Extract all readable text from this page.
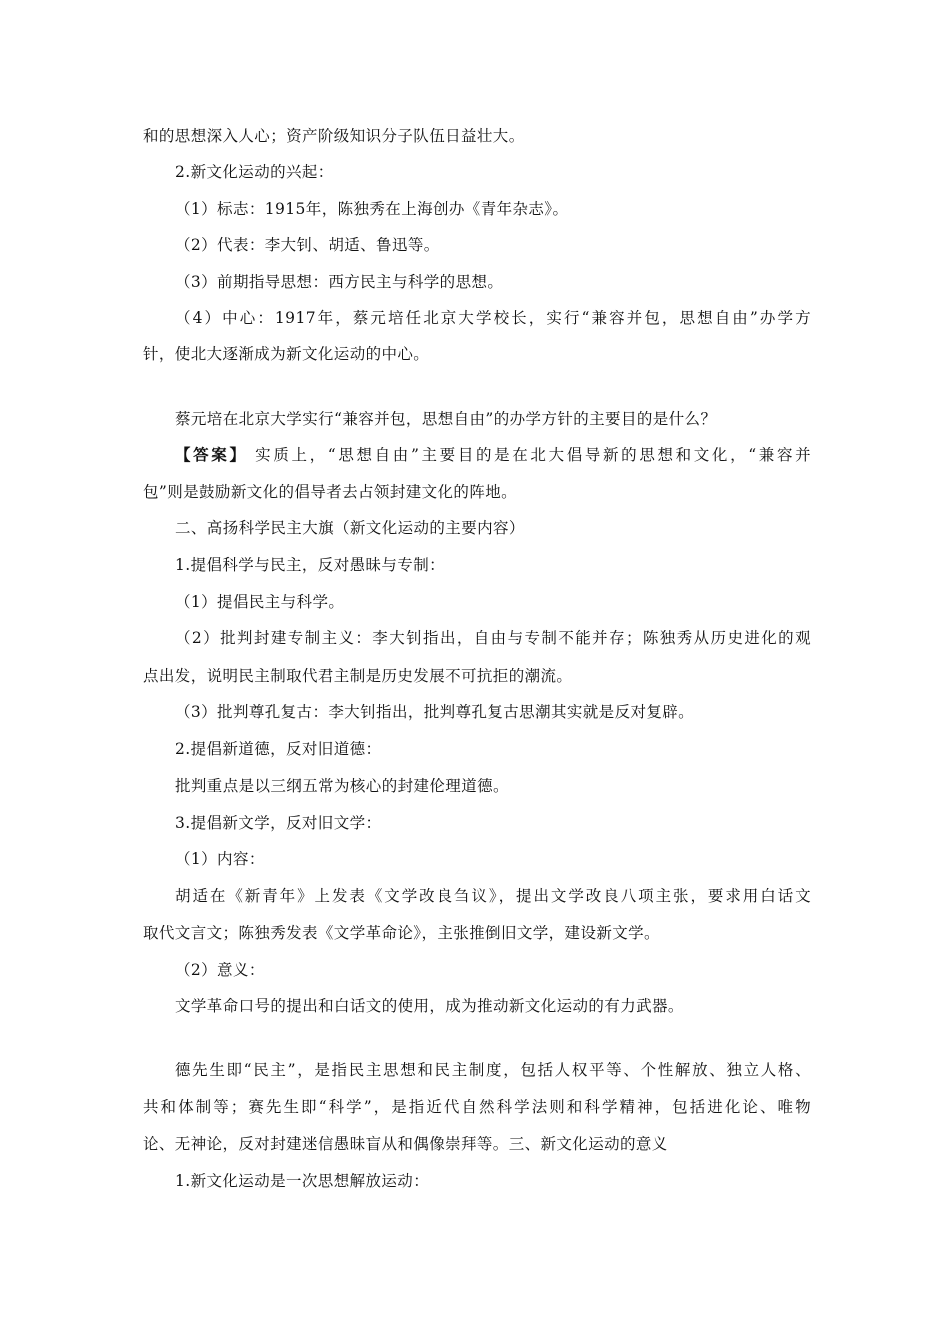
和的思想深入人心；资产阶级知识分子队伍日益壮大。
2.新文化运动的兴起：
（1）标志：1915年，陈独秀在上海创办《青年杂志》。
（2）代表：李大钊、胡适、鲁迅等。
（3）前期指导思想：西方民主与科学的思想。
（4）中心：1917年，蔡元培任北京大学校长，实行“兼容并包，思想自由”办学方
针，使北大逐渐成为新文化运动的中心。
蔡元培在北京大学实行“兼容并包，思想自由”的办学方针的主要目的是什么？
【答案】 实质上，“思想自由”主要目的是在北大倡导新的思想和文化，“兼容并
包”则是鼓励新文化的倡导者去占领封建文化的阵地。
二、高扬科学民主大旗（新文化运动的主要内容）
1.提倡科学与民主，反对愚昧与专制：
（1）提倡民主与科学。
（2）批判封建专制主义：李大钊指出，自由与专制不能并存；陈独秀从历史进化的观
点出发，说明民主制取代君主制是历史发展不可抗拒的潮流。
（3）批判尊孔复古：李大钊指出，批判尊孔复古思潮其实就是反对复辟。
2.提倡新道德，反对旧道德：
批判重点是以三纲五常为核心的封建伦理道德。
3.提倡新文学，反对旧文学：
（1）内容：
胡适在《新青年》上发表《文学改良刍议》，提出文学改良八项主张，要求用白话文
取代文言文；陈独秀发表《文学革命论》，主张推倒旧文学，建设新文学。
（2）意义：
文学革命口号的提出和白话文的使用，成为推动新文化运动的有力武器。
德先生即“民主”，是指民主思想和民主制度，包括人权平等、个性解放、独立人格、
共和体制等；赛先生即“科学”，是指近代自然科学法则和科学精神，包括进化论、唯物
论、无神论，反对封建迷信愚昧盲从和偶像崇拜等。三、新文化运动的意义
1.新文化运动是一次思想解放运动：
